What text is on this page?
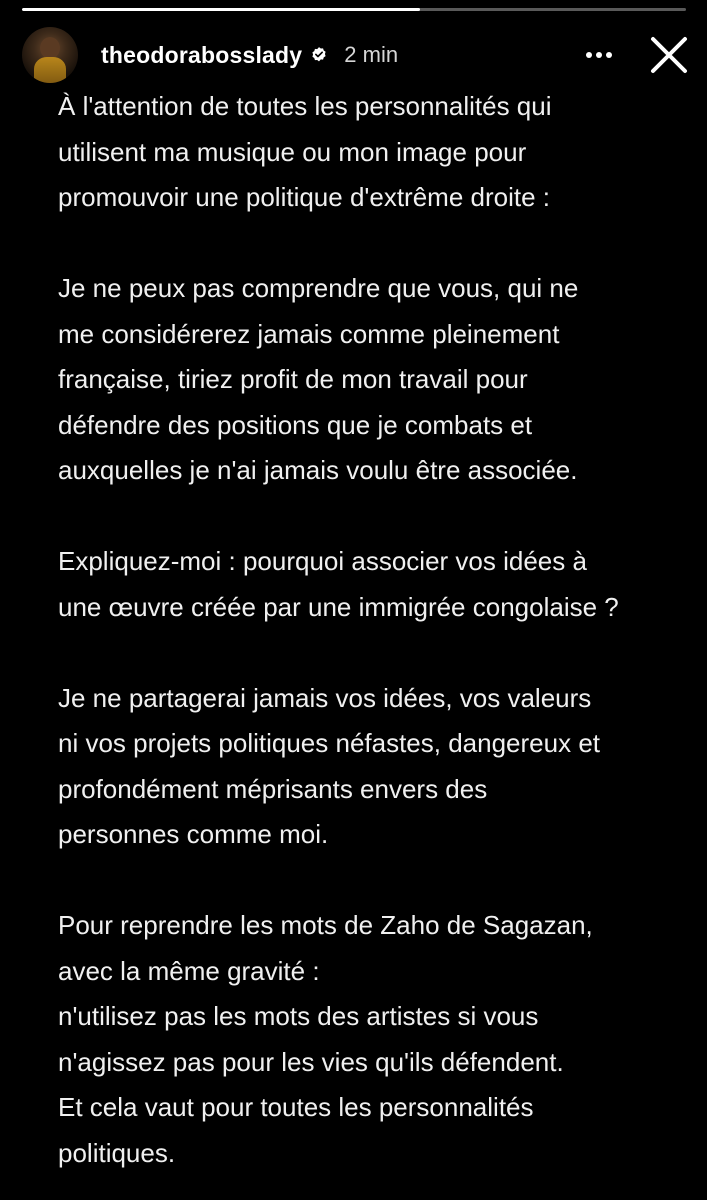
theodorabosslady 2 min
À l'attention de toutes les personnalités qui
utilisent ma musique ou mon image pour
promouvoir une politique d'extrême droite :
Je ne peux pas comprendre que vous, qui ne
me considérerez jamais comme pleinement
française, tiriez profit de mon travail pour
défendre des positions que je combats et
auxquelles je n'ai jamais voulu être associée.
Expliquez-moi : pourquoi associer vos idées à
une œuvre créée par une immigrée congolaise ?
Je ne partagerai jamais vos idées, vos valeurs
ni vos projets politiques néfastes, dangereux et
profondément méprisants envers des
personnes comme moi.
Pour reprendre les mots de Zaho de Sagazan,
avec la même gravité :
n'utilisez pas les mots des artistes si vous
n'agissez pas pour les vies qu'ils défendent.
Et cela vaut pour toutes les personnalités
politiques.
